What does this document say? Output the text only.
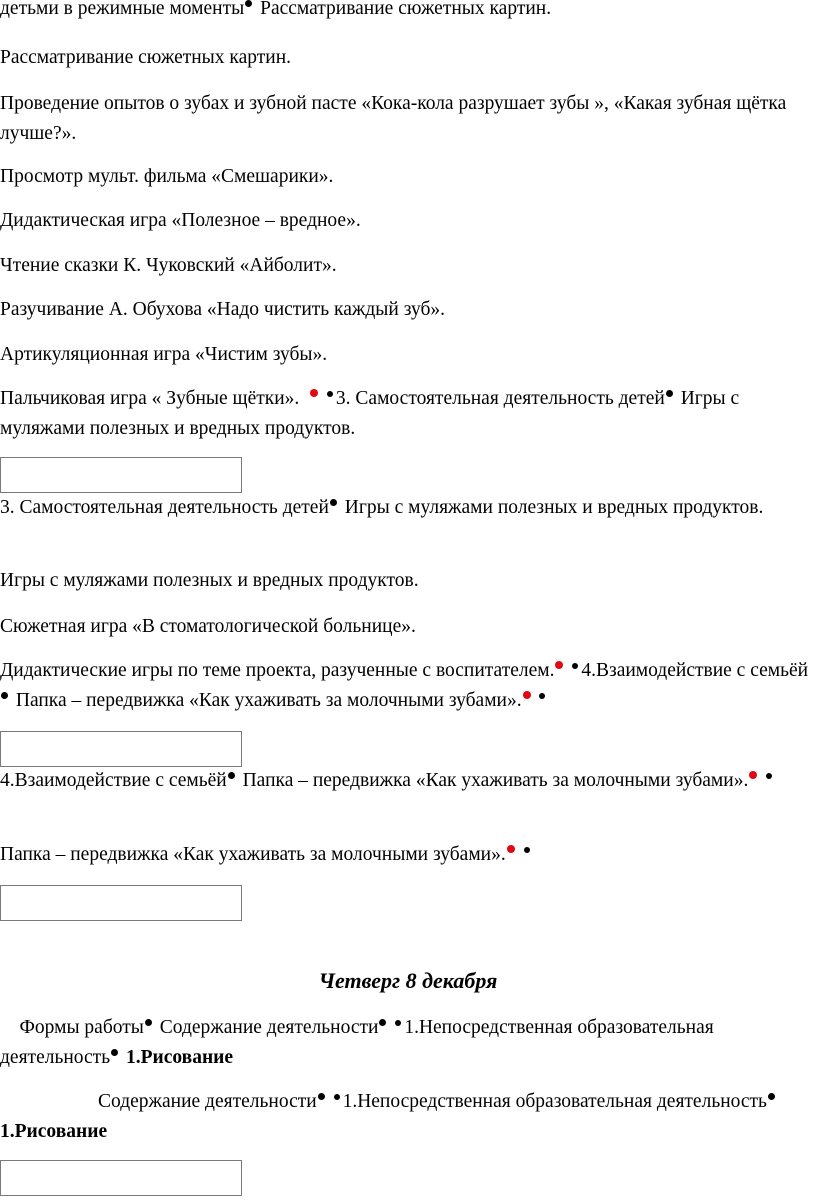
детьми в режимные моменты Рассматривание сюжетных картин.

Рассматривание сюжетных картин.

Проведение опытов о зубах и зубной пасте «Кока-кола разрушает зубы », «Какая зубная щётка лучше?».

Просмотр мульт. фильма «Смешарики».

Дидактическая игра «Полезное – вредное».

Чтение сказки К. Чуковский «Айболит».

Разучивание А. Обухова «Надо чистить каждый зуб».

Артикуляционная игра «Чистим зубы».

Пальчиковая игра « Зубные щётки». 3. Самостоятельная деятельность детей Игры с муляжами полезных и вредных продуктов.

3. Самостоятельная деятельность детей Игры с муляжами полезных и вредных продуктов.

Игры с муляжами полезных и вредных продуктов.

Сюжетная игра «В стоматологической больнице».

Дидактические игры по теме проекта, разученные с воспитателем. 4.Взаимодействие с семьёй Папка – передвижка «Как ухаживать за молочными зубами».

4.Взаимодействие с семьёй Папка – передвижка «Как ухаживать за молочными зубами».

Папка – передвижка «Как ухаживать за молочными зубами».

Четверг 8 декабря

Формы работы Содержание деятельности 1.Непосредственная образовательная деятельность 1.Рисование

Содержание деятельности 1.Непосредственная образовательная деятельность 1.Рисование
